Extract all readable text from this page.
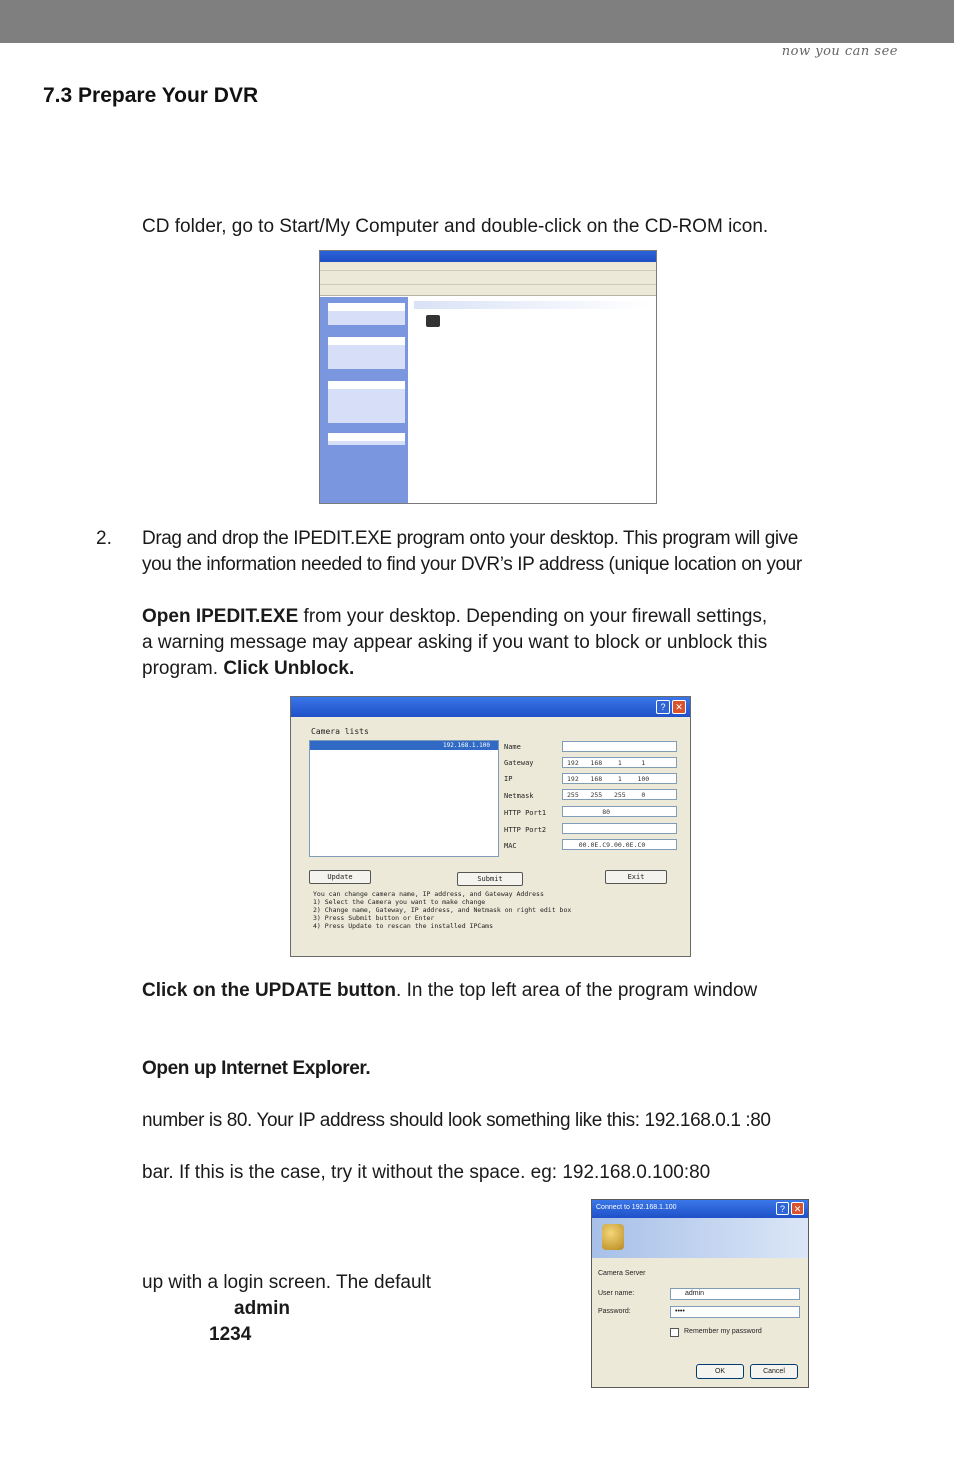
now you can see
7.3 Prepare Your DVR
CD folder, go to Start/My Computer and double-click on the CD-ROM icon.
2. Drag and drop the IPEDIT.EXE program onto your desktop. This program will give
you the information needed to find your DVR’s IP address (unique location on your
Open IPEDIT.EXE from your desktop. Depending on your firewall settings,
a warning message may appear asking if you want to block or unblock this
program. Click Unblock.
?	✕
Camera lists
192.168.1.100	Name
Gateway	192   168    1     1
IP	192   168    1    100
Netmask	255   255   255    0
HTTP Port1	80
HTTP Port2
MAC	00.0E.C9.00.0E.C0
Update	Submit	Exit
You can change camera name, IP address, and Gateway Address
1) Select the Camera you want to make change
2) Change name, Gateway, IP address, and Netmask on right edit box
3) Press Submit button or Enter
4) Press Update to rescan the installed IPCams
Click on the UPDATE button. In the top left area of the program window
Open up Internet Explorer.
number is 80. Your IP address should look something like this: 192.168.0.1 :80
bar. If this is the case, try it without the space. eg: 192.168.0.100:80
up with a login screen. The default
admin
1234
Connect to 192.168.1.100	? ✕
Camera Server
User name:	admin
Password:	••••
Remember my password
OK	Cancel
